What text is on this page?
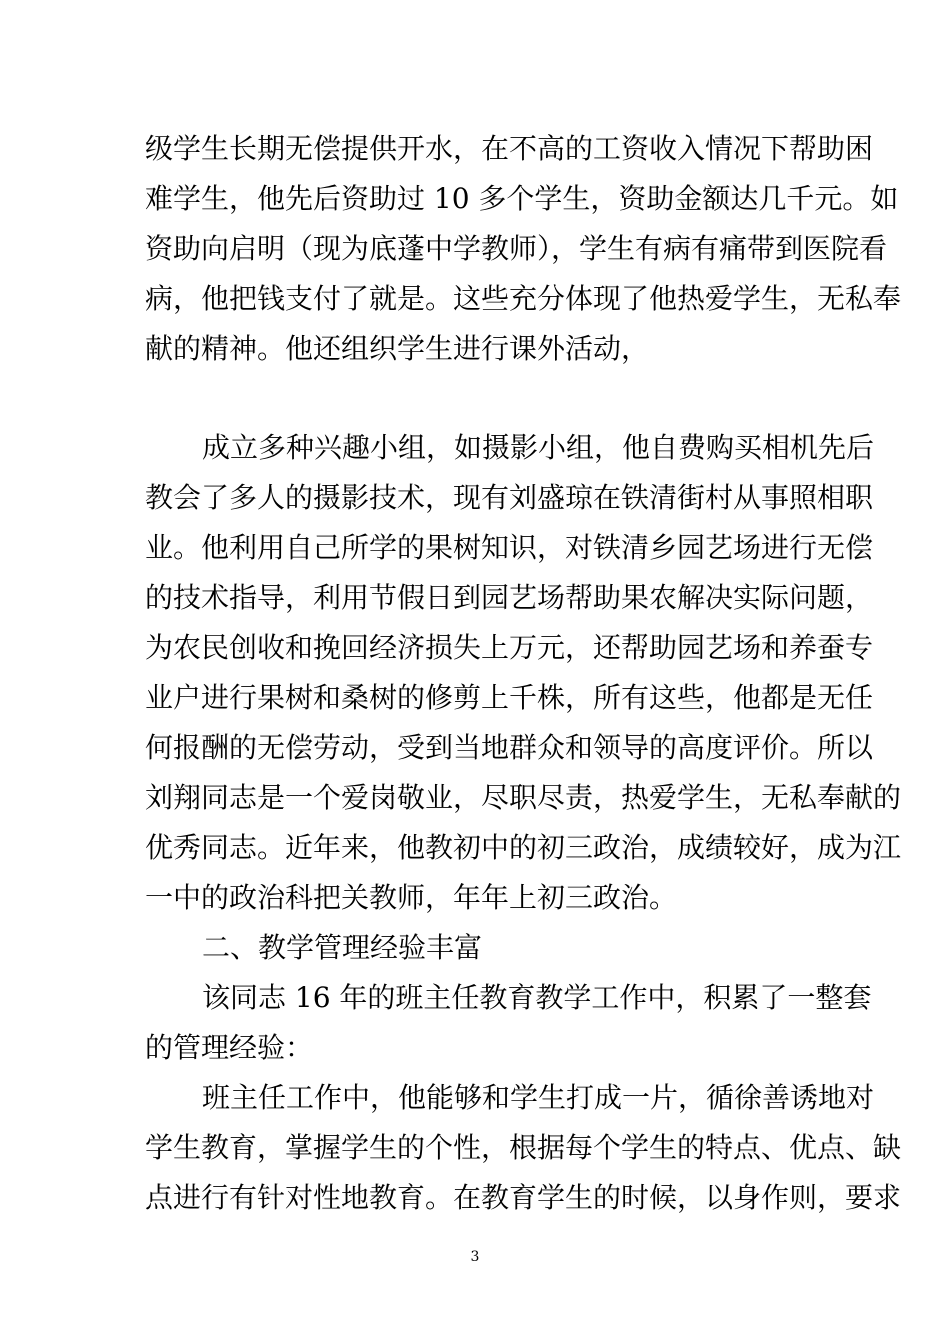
级学生长期无偿提供开水，在不高的工资收入情况下帮助困
难学生，他先后资助过 10 多个学生，资助金额达几千元。如
资助向启明（现为底蓬中学教师），学生有病有痛带到医院看
病，他把钱支付了就是。这些充分体现了他热爱学生，无私奉
献的精神。他还组织学生进行课外活动，
成立多种兴趣小组，如摄影小组，他自费购买相机先后
教会了多人的摄影技术，现有刘盛琼在铁清街村从事照相职
业。他利用自己所学的果树知识，对铁清乡园艺场进行无偿
的技术指导，利用节假日到园艺场帮助果农解决实际问题，
为农民创收和挽回经济损失上万元，还帮助园艺场和养蚕专
业户进行果树和桑树的修剪上千株，所有这些，他都是无任
何报酬的无偿劳动，受到当地群众和领导的高度评价。所以
刘翔同志是一个爱岗敬业，尽职尽责，热爱学生，无私奉献的
优秀同志。近年来，他教初中的初三政治，成绩较好，成为江
一中的政治科把关教师，年年上初三政治。
二、教学管理经验丰富
该同志 16 年的班主任教育教学工作中，积累了一整套
的管理经验：
班主任工作中，他能够和学生打成一片，循徐善诱地对
学生教育，掌握学生的个性，根据每个学生的特点、优点、缺
点进行有针对性地教育。在教育学生的时候，以身作则，要求
3
